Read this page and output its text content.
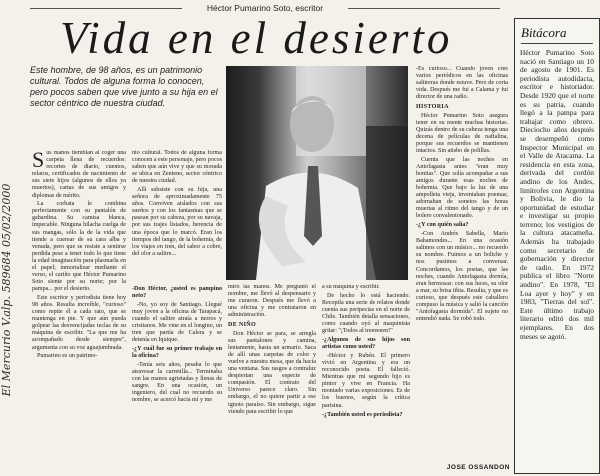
Héctor Pumarino Soto, escritor
Vida en el desierto
Este hombre, de 98 años, es un patrimonio cultural. Todos de alguna forma lo conocen, pero pocos saben que vive junto a su hija en el sector céntrico de nuestra ciudad.
El Mercurio V.alp. 589684 05/02/2000

Sus manos tiemblan al coger una carpeta llena de recuerdos: recortes de diario, cuentos, relatos, certificados de nacimiento de sus siete hijos (algunos de ellos ya muertos), cartas de sus amigos y diplomas de mérito.

La corbata le combina perfectamente con su pantalón de gabardina. Su camisa blanca, impecable. Ninguna hilacha cuelga de sus mangas, sólo la de la vida que tiende a cuerear de su cara alba y venuda, pero que se resiste a sentirse perdida pese a tener todo lo que tiene la edad imaginación para plasmarla en el papel; inmortalizar mediante el verso, el cariño que Héctor Pumarino Soto siente por su norte; por la pampa... por el desierto.

Este escritor y periodista tiene hoy 98 años. Resulta increíble, "curioso" como repite él a cada rato, que se mantenga en pie. Y que aún pueda golpear las desvencijadas teclas de su máquina de escribir. "La que me ha acompañado desde siempre", argumenta con su voz aguajumbrada.

Pumarino es un patrimo-

nio cultural. Todos de alguna forma conocen a este personaje, pero pocos saben que aún vive y que su morada se ubica en Zenteno, sector céntrico de nuestra ciudad.

Allí subsiste con su hija, una señora de aproximadamente 75 años. Conviven aislados con sus sueños y con los fantasmas que se pasean por su cabeza, por su navaja, por sus trajes listados, herencia de una época que lo marcó. Eran los tiempos del tango, de la bohemia, de los viajes en tren, del sabor a cobre, del olor a salitre...

-Don Héctor, ¿usted es pampino neto?

-No, yo soy de Santiago. Llegué muy joven a la oficina de Tarapacá, cuando el salitre atraía a moros y cristianos. Me vine en el longino, un tren que partía de Calera y se detenía en Iquique.

-¿Y cuál fue su primer trabajo en la oficina?

-Tenía seis años, pesaba lo que atravesar la carretilla... Terminaba con las manos agrietadas y llenas de sangre. En una ocasión, un ingeniero, del cual no recuerdo su nombre, se acercó hacia mí y me

miró las manos. Me preguntó el nombre, me llevó al despensario y me curaron. Después me llevó a una oficina y me contrataron en administración.

DE NIÑO

Don Héctor se para, se arregla sus pantalones y camina, lentamente, hasta un armario. Saca de allí unas carpetas de color y vuelve a nuestra mesa, que da hacia una ventana. Sus rasgos a contraluz despiertan una especie de compasión. El contrato del Universo parece claro. Sin embargo, el no quiere partir a ese ignoto paraíso. Sin embargo, sigue viendo para escribir lo que

a su máquina y escribir.

De hecho lo está haciendo. Recopila una serie de relatos donde cuenta sus peripecias en el norte de Chile. También detalla sensaciones, como cuando oyó al maquinista gritar: "¡Todos al treeeeeen!"

-¿Algunos de sus hijos son artistas como usted?

-Héctor y Rubén. El primero vivió en Argentina y era un reconocido poeta. El falleció. Mientras que mi segundo hijo es pintor y vive en Francia. Ha montado varias exposiciones. Es de los buenos, según la crítica parisina.

-¿También usted es periodista?

-Es curioso... Cuando joven creé varios periódicos en las oficinas salitreras donde estuve. Pero de corta vida. Después me fui a Calama y fui director de una radio.

HISTORIA

Héctor Pumarino Soto asegura tener en su mente muchas historias. Quizás dentro de su cabeza tenga una decena de películas de naftalina, porque sus recuerdos se mantienen intactos. Sin atisbo de polillas.

Cuenta que las noches en Antofagasta antes "eran muy bonitas". Que solía acompañar a sus amigos durante esas noches de bohemia. Que bajo la luz de una ampolleta vieja, inventaban poemas; adornaban de sonetos las horas muertas al ritmo del tango y de un bolero convalentonado.

-¿Y con quién salía?

-Con Andrés Sabella, Mario Bahamondes... En una ocasión salimos con un músico... no recuerdo su nombre. Fuimos a un boliche y nos pusimos a conversar. Concordamos, los poetas, que las noches, cuando Antofagasta dormía, eran hermosas: con sus luces, su olor a mar, su brisa tibia. Resulta, y que es curioso, que después este caballero compuso la música y salió la canción "Antofagasta dormida". El sujeto no entendió nada. Se robó todo.

JOSE OSSANDON
Bitácora
Héctor Pumarino Soto nació en Santiago un 10 de agosto de 1901. Es periodista autodidacta, escritor e historiador. Desde 1920 que el norte es su patria, cuando llegó a la pampa para trabajar como obrero. Dieciocho años después se desempeñó como Inspector Municipal en el Valle de Atacama. La residencia en esta zona, derivada del cordón andino de los Andes, limítrofes con Argentina y Bolivia, le dio la oportunidad de estudiar e investigar su propio terreno; los vestigios de la cultura atacameña. Además ha trabajado como secretario de gobernación y director de radio. En 1972 publica el libro "Norte andino". En 1978, "El Loa ayer y hoy" y en 1983, "Tierras del sol". Este último trabajo literario editó dos mil ejemplares. En dos meses se agotó.
